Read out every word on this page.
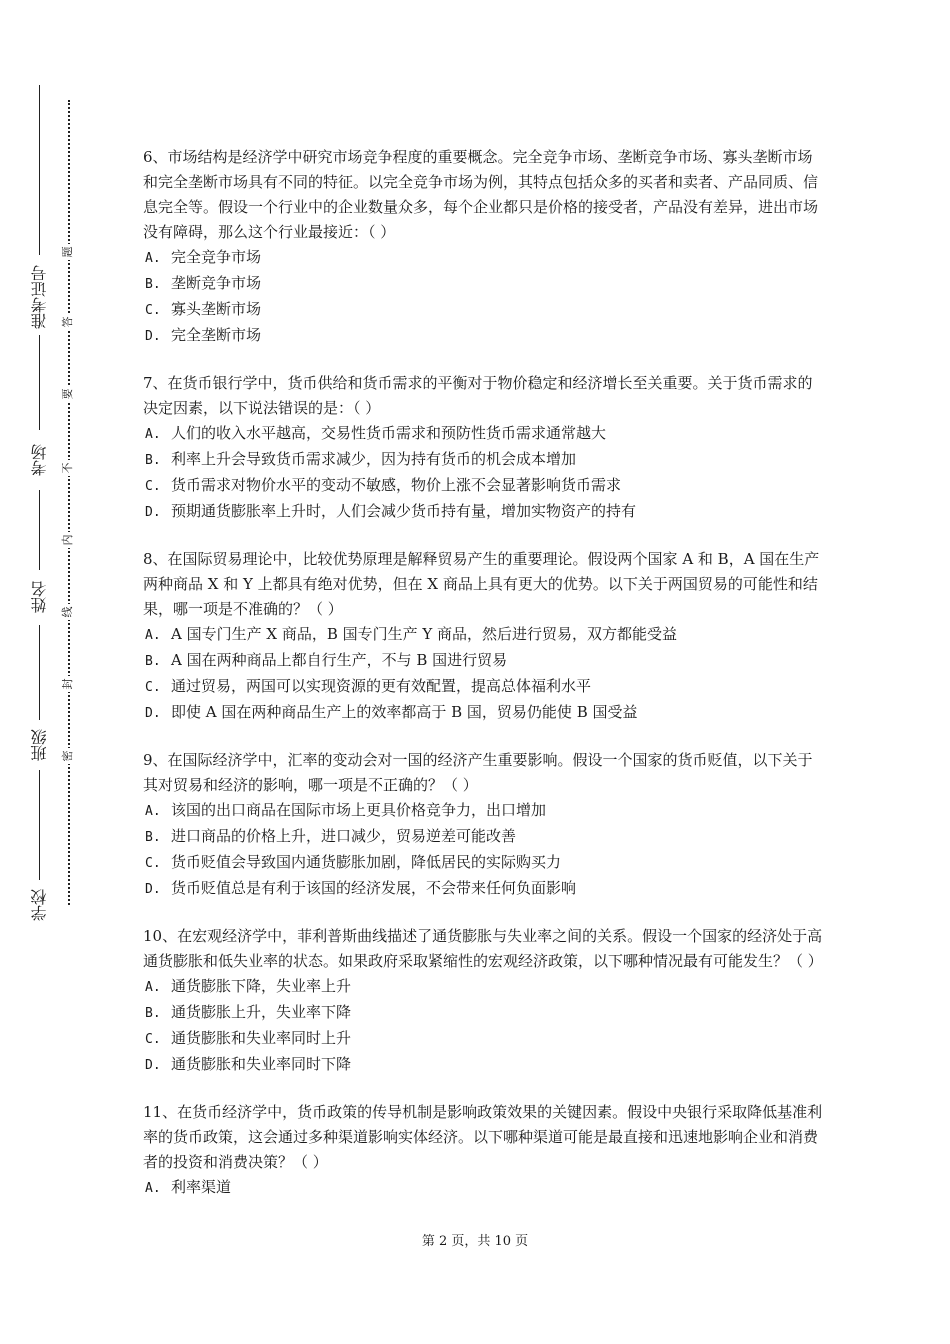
准考证号
考场
姓名
班级
学校
题
答
要
不
内
线
封
密

6、市场结构是经济学中研究市场竞争程度的重要概念。完全竞争市场、垄断竞争市场、寡头垄断市场和完全垄断市场具有不同的特征。以完全竞争市场为例，其特点包括众多的买者和卖者、产品同质、信息完全等。假设一个行业中的企业数量众多，每个企业都只是价格的接受者，产品没有差异，进出市场没有障碍，那么这个行业最接近：（ ）

A. 完全竞争市场

B. 垄断竞争市场

C. 寡头垄断市场

D. 完全垄断市场

7、在货币银行学中，货币供给和货币需求的平衡对于物价稳定和经济增长至关重要。关于货币需求的决定因素，以下说法错误的是：（ ）

A. 人们的收入水平越高，交易性货币需求和预防性货币需求通常越大

B. 利率上升会导致货币需求减少，因为持有货币的机会成本增加

C. 货币需求对物价水平的变动不敏感，物价上涨不会显著影响货币需求

D. 预期通货膨胀率上升时，人们会减少货币持有量，增加实物资产的持有

8、在国际贸易理论中，比较优势原理是解释贸易产生的重要理论。假设两个国家 A 和 B，A 国在生产两种商品 X 和 Y 上都具有绝对优势，但在 X 商品上具有更大的优势。以下关于两国贸易的可能性和结果，哪一项是不准确的？（ ）

A. A 国专门生产 X 商品，B 国专门生产 Y 商品，然后进行贸易，双方都能受益

B. A 国在两种商品上都自行生产，不与 B 国进行贸易

C. 通过贸易，两国可以实现资源的更有效配置，提高总体福利水平

D. 即使 A 国在两种商品生产上的效率都高于 B 国，贸易仍能使 B 国受益

9、在国际经济学中，汇率的变动会对一国的经济产生重要影响。假设一个国家的货币贬值，以下关于其对贸易和经济的影响，哪一项是不正确的？（ ）

A. 该国的出口商品在国际市场上更具价格竞争力，出口增加

B. 进口商品的价格上升，进口减少，贸易逆差可能改善

C. 货币贬值会导致国内通货膨胀加剧，降低居民的实际购买力

D. 货币贬值总是有利于该国的经济发展，不会带来任何负面影响

10、在宏观经济学中，菲利普斯曲线描述了通货膨胀与失业率之间的关系。假设一个国家的经济处于高通货膨胀和低失业率的状态。如果政府采取紧缩性的宏观经济政策，以下哪种情况最有可能发生？（ ）

A. 通货膨胀下降，失业率上升

B. 通货膨胀上升，失业率下降

C. 通货膨胀和失业率同时上升

D. 通货膨胀和失业率同时下降

11、在货币经济学中，货币政策的传导机制是影响政策效果的关键因素。假设中央银行采取降低基准利率的货币政策，这会通过多种渠道影响实体经济。以下哪种渠道可能是最直接和迅速地影响企业和消费者的投资和消费决策？（ ）

A. 利率渠道

第 2 页，共 10 页
